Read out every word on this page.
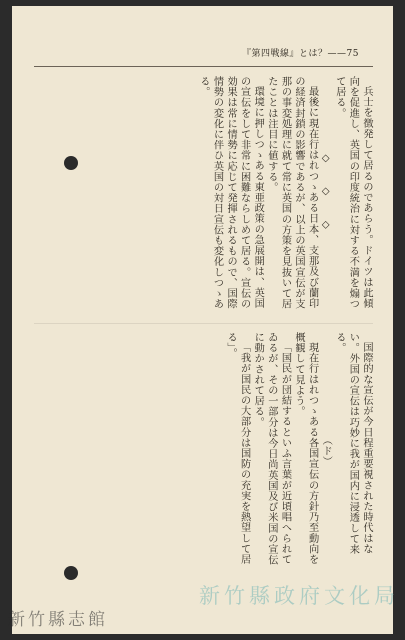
『第四戦線』とは？——75

兵士を徴発して居るのであらう。ドイツは此傾向を促進し、英国の印度統治に対する不満を煽つて居る。

◇　◇　◇

最後に現在行はれつゝある日本、支那及び蘭印の経済封鎖の影響であるが、以上の英国宣伝が支那の事変処理に就て常に英国の方策を見抜いて居たことは注目に値する。

環境に押しつゝある東亜政策の急展開は、英国の宣伝をして非常に困難ならしめて居る。宣伝の効果は常に情勢に応じて発揮されるもので、国際情勢の変化に伴ひ英国の対日宣伝も変化しつゝある。

国際的な宣伝が今日程重要視された時代はない。外国の宣伝は巧妙に我が国内に浸透して来る。

（ド）

現在行はれつゝある各国宣伝の方針乃至動向を概観して見よう。

「国民が団結するといふ言葉が近頃唱へられてゐるが、その一部分は今日尚英国及び米国の宣伝に動かされて居る。

「我が国民の大部分は国防の充実を熱望して居る」。

新竹縣志館
新竹縣政府文化局
